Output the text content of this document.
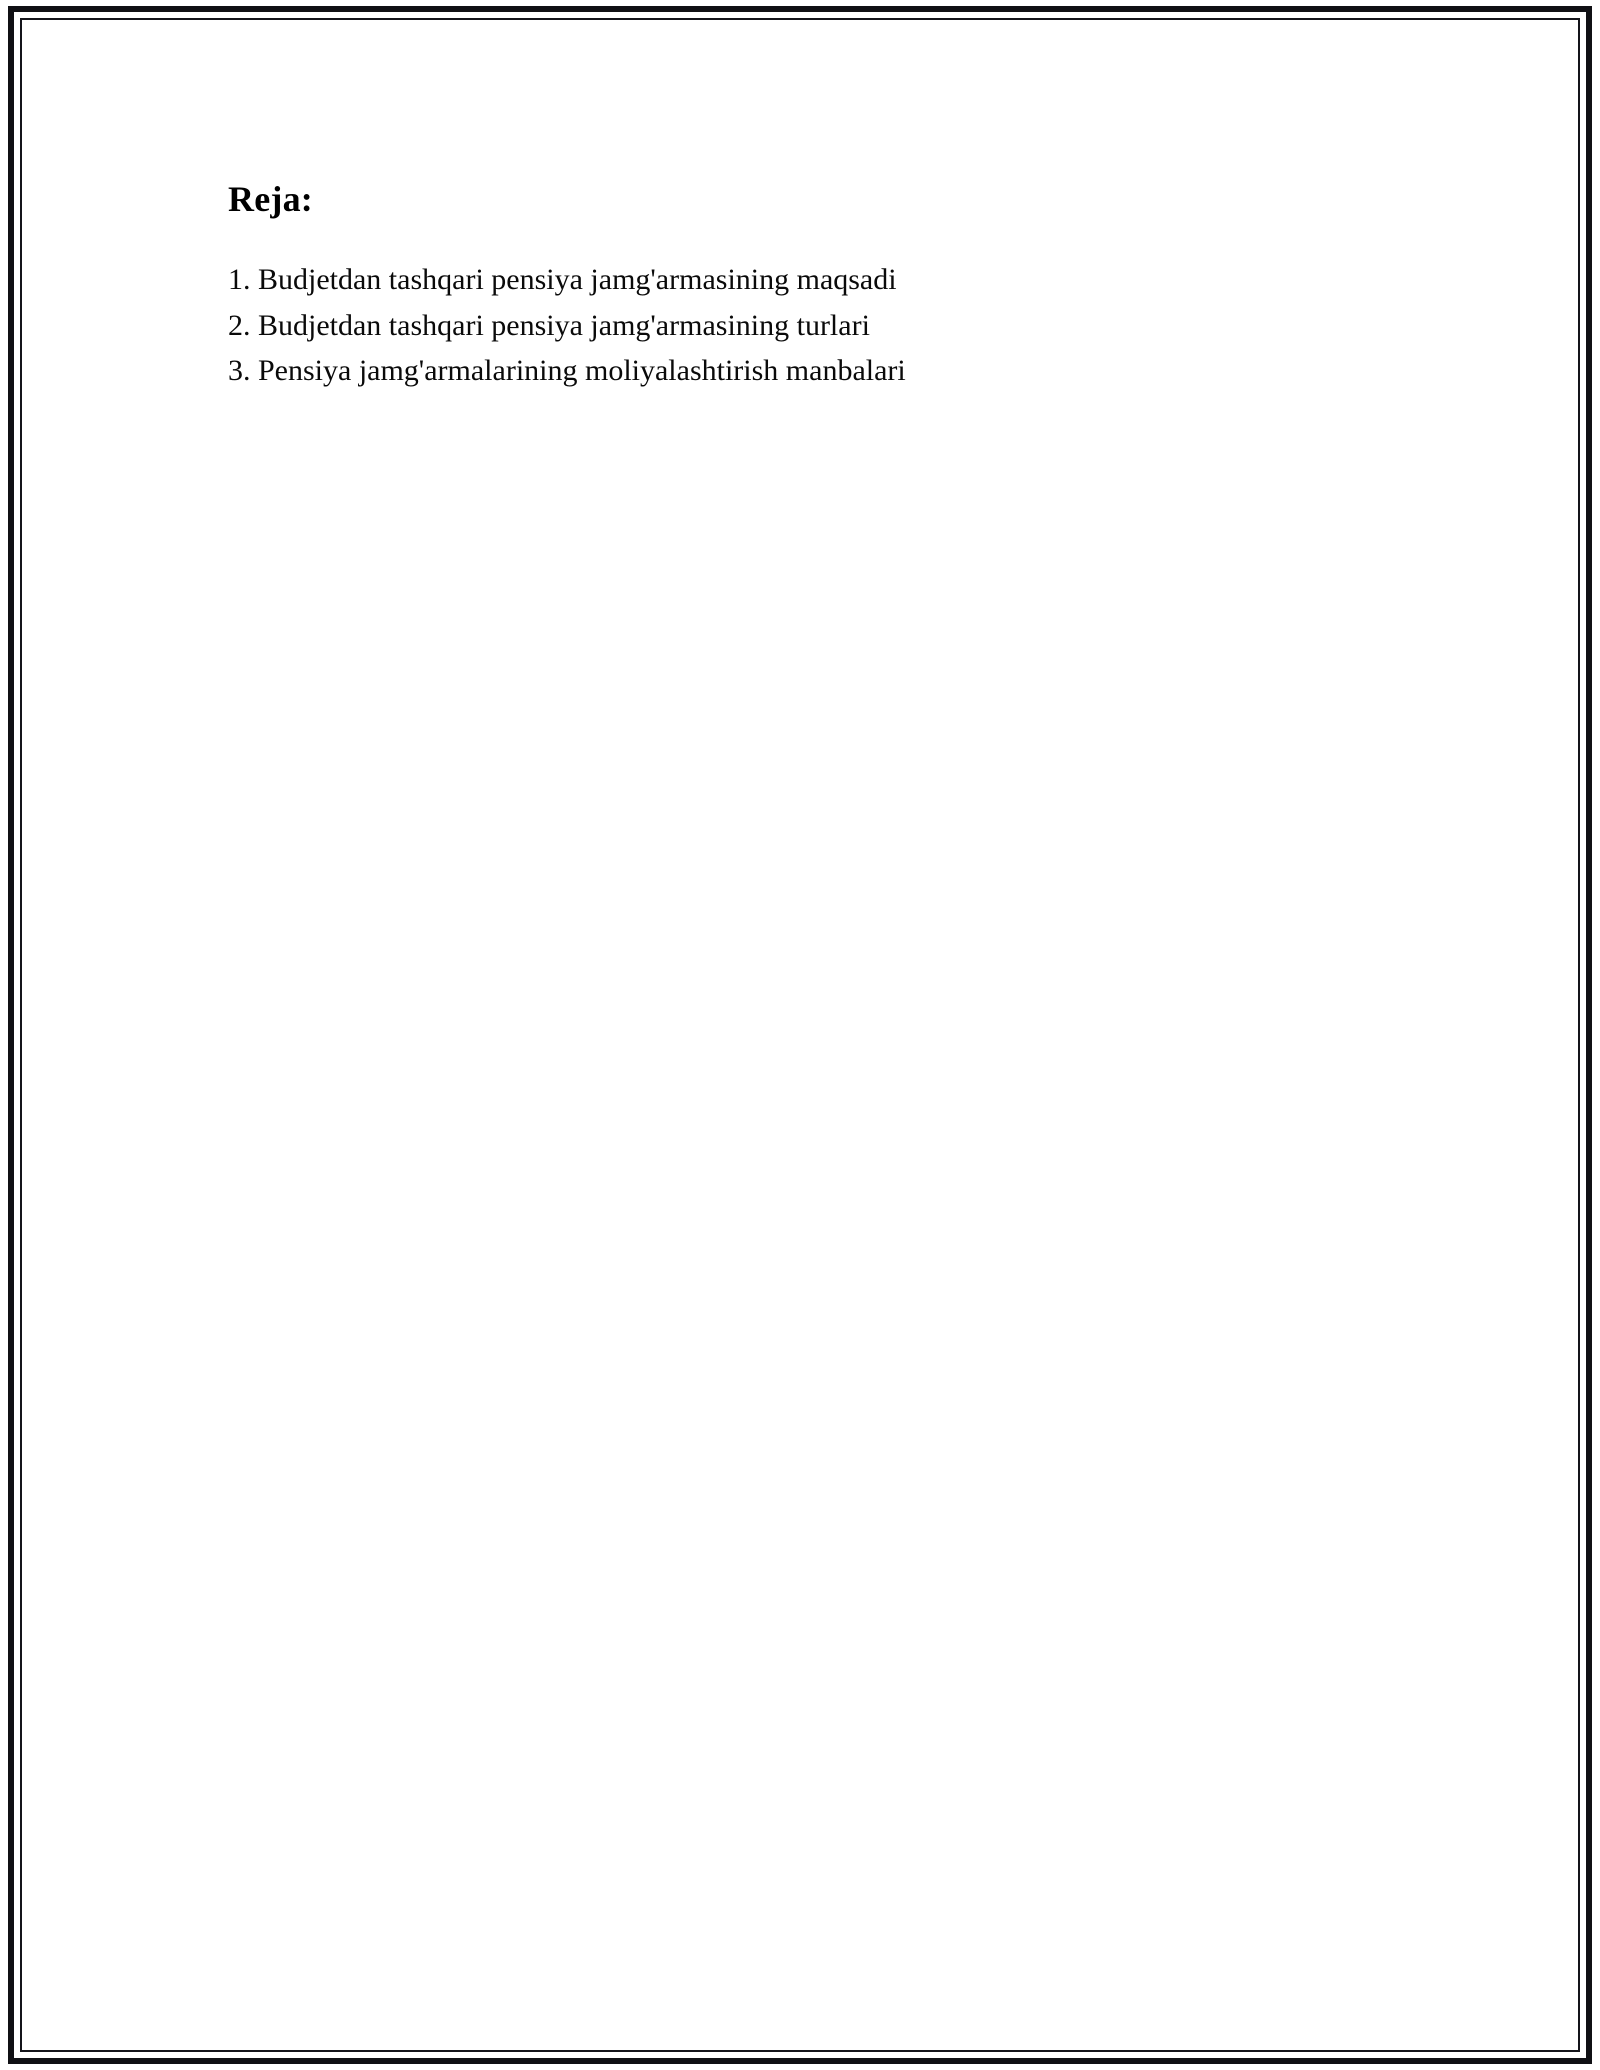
Reja:
1. Budjetdan tashqari pensiya jamg'armasining maqsadi
2. Budjetdan tashqari pensiya jamg'armasining turlari
3. Pensiya jamg'armalarining moliyalashtirish manbalari
